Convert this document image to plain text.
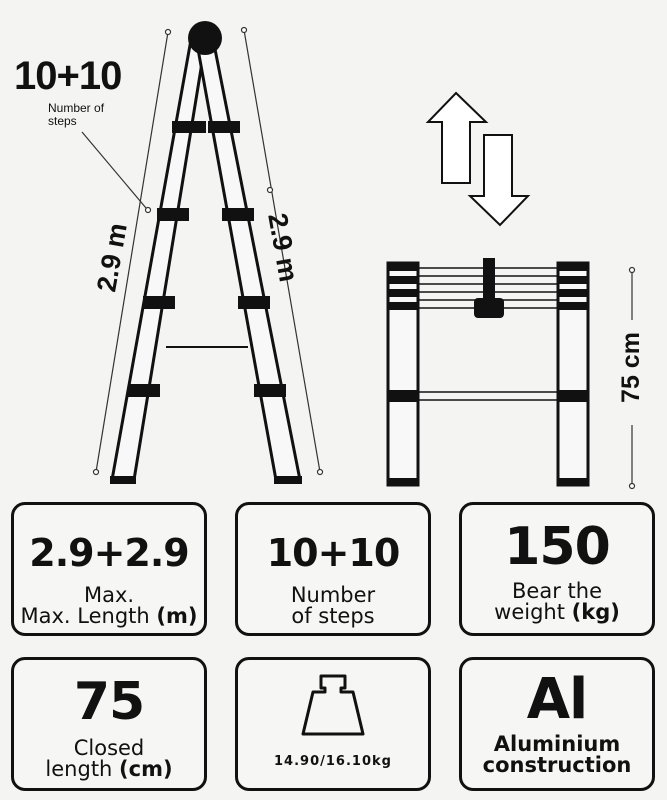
10+10
Number of steps
2.9 m	2.9 m
75 cm
2.9+2.9
Max.
Max. Length (m)
10+10
Number
of steps
150
Bear the
weight (kg)
75
Closed
length (cm)	14.90/16.10kg
Al
Aluminium
construction
